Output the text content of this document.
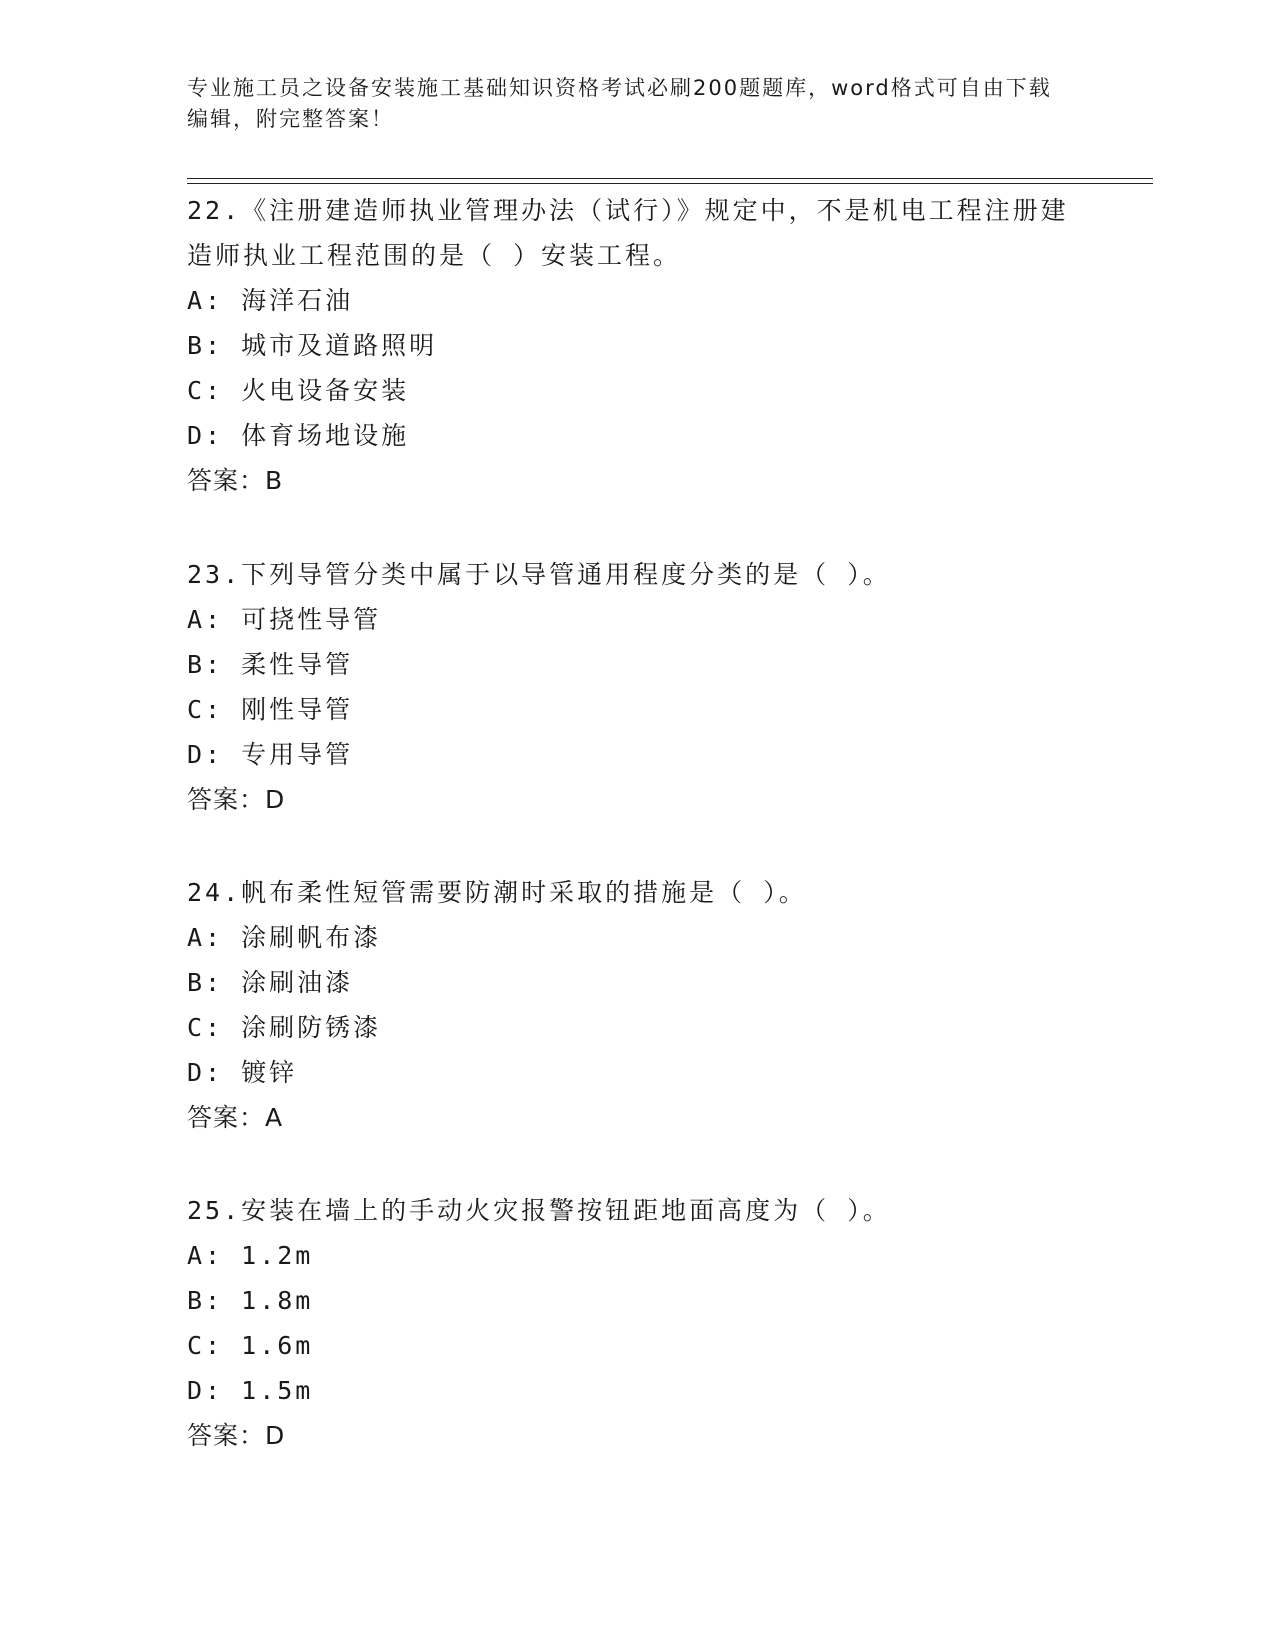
专业施工员之设备安装施工基础知识资格考试必刷200题题库，word格式可自由下载编辑，附完整答案！

22.《注册建造师执业管理办法（试行）》规定中，不是机电工程注册建造师执业工程范围的是（ ）安装工程。

A: 海洋石油

B: 城市及道路照明

C: 火电设备安装

D: 体育场地设施

答案：B

23.下列导管分类中属于以导管通用程度分类的是（ ）。

A: 可挠性导管

B: 柔性导管

C: 刚性导管

D: 专用导管

答案：D

24.帆布柔性短管需要防潮时采取的措施是（ ）。

A: 涂刷帆布漆

B: 涂刷油漆

C: 涂刷防锈漆

D: 镀锌

答案：A

25.安装在墙上的手动火灾报警按钮距地面高度为（ ）。

A: 1.2m

B: 1.8m

C: 1.6m

D: 1.5m

答案：D
